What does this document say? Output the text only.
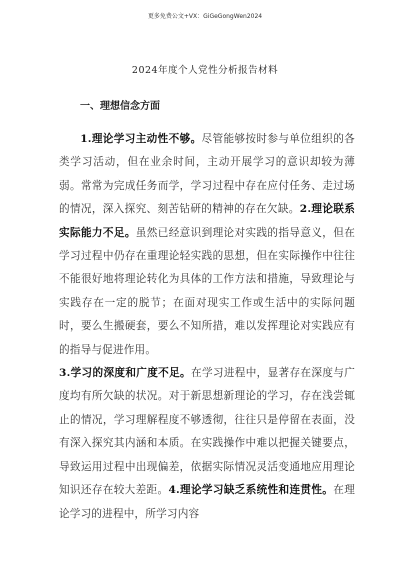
更多免费公文+VX：GiGeGongWen2024
2024年度个人党性分析报告材料
一、理想信念方面

1.理论学习主动性不够。尽管能够按时参与单位组织的各类学习活动，但在业余时间，主动开展学习的意识却较为薄弱。常常为完成任务而学，学习过程中存在应付任务、走过场的情况，深入探究、刻苦钻研的精神的存在欠缺。2.理论联系实际能力不足。虽然已经意识到理论对实践的指导意义，但在学习过程中仍存在重理论轻实践的思想，但在实际操作中往往不能很好地将理论转化为具体的工作方法和措施，导致理论与实践存在一定的脱节；在面对现实工作或生活中的实际问题时，要么生搬硬套，要么不知所措，难以发挥理论对实践应有的指导与促进作用。

3.学习的深度和广度不足。在学习进程中，显著存在深度与广度均有所欠缺的状况。对于新思想新理论的学习，存在浅尝辄止的情况，学习理解程度不够透彻，往往只是停留在表面，没有深入探究其内涵和本质。在实践操作中难以把握关键要点，导致运用过程中出现偏差，依据实际情况灵活变通地应用理论知识还存在较大差距。4.理论学习缺乏系统性和连贯性。在理论学习的进程中，所学习内容
